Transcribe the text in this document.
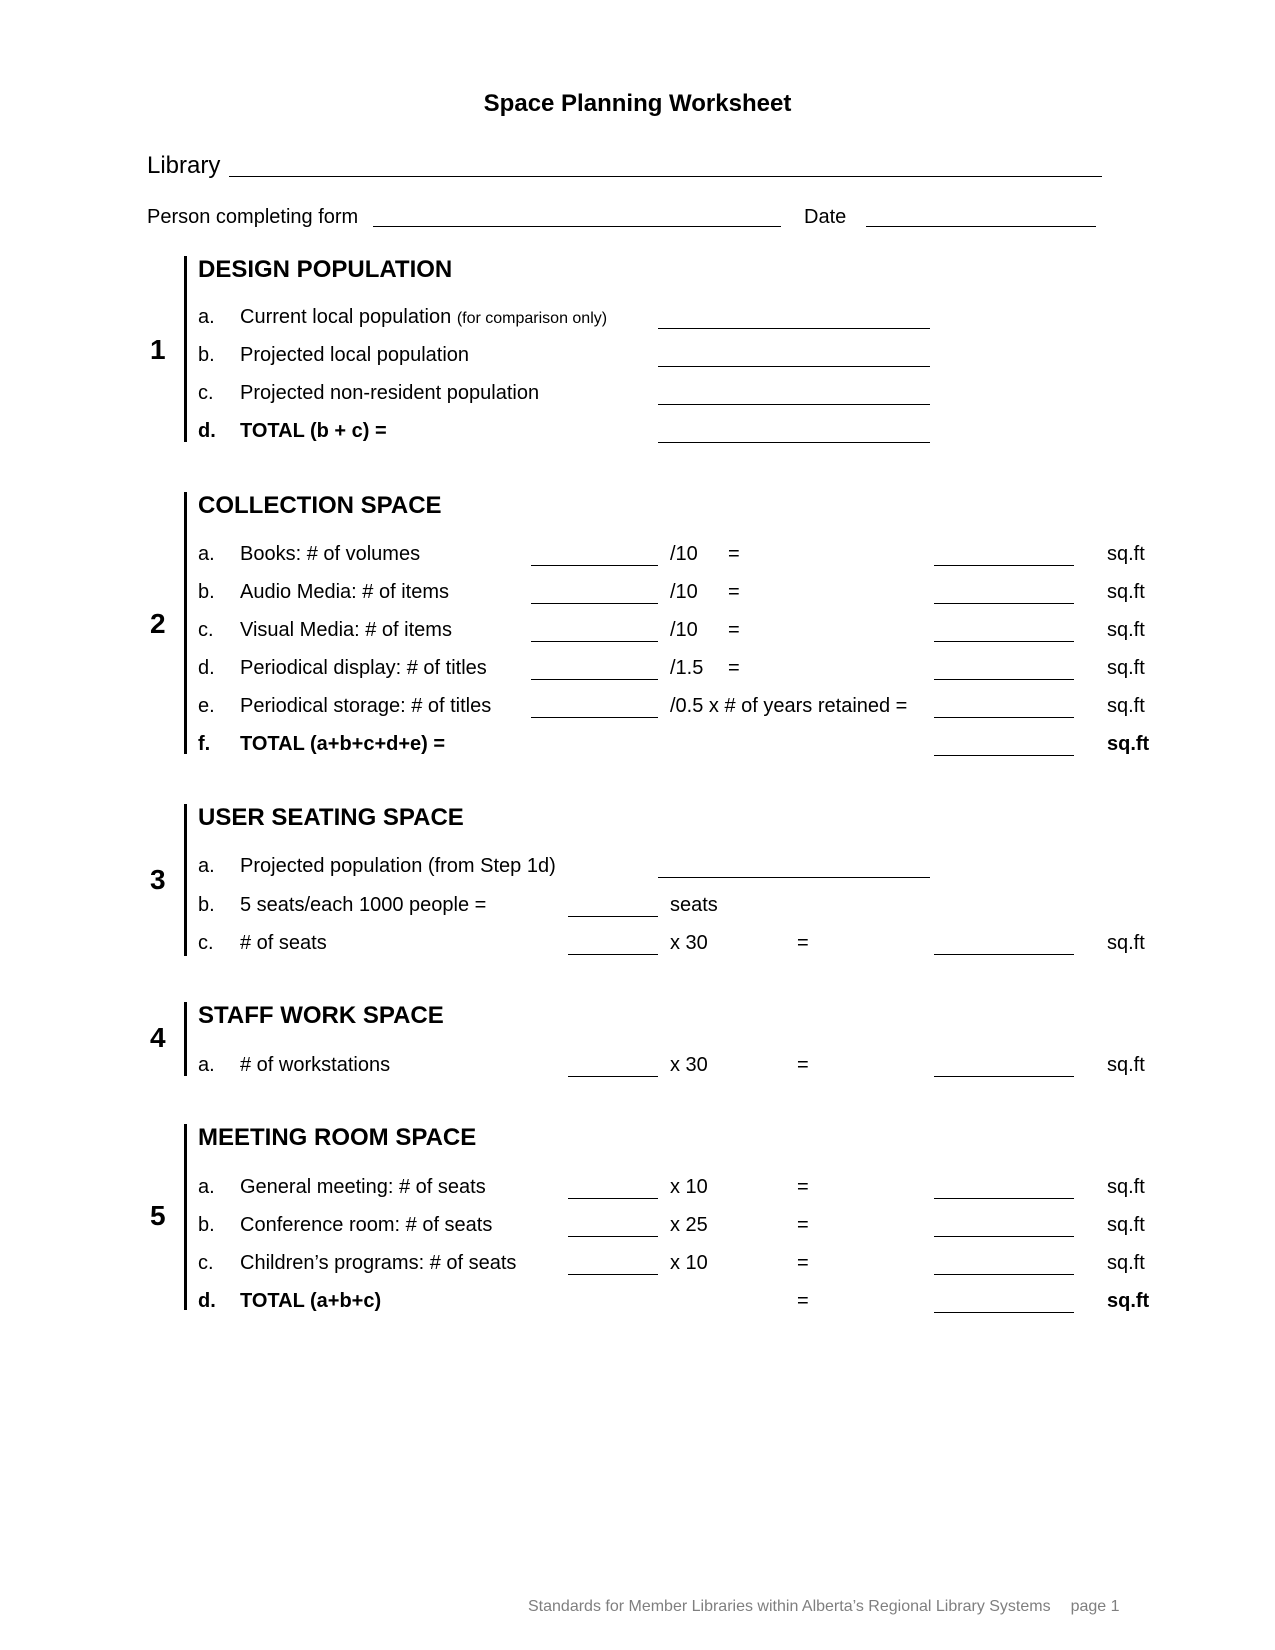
Space Planning Worksheet
Library
Person completing form	Date
1
DESIGN POPULATION
a. Current local population (for comparison only)
b. Projected local population
c. Projected non-resident population
d. TOTAL (b + c) =
2
COLLECTION SPACE
a. Books: # of volumes	/10 =	sq.ft
b. Audio Media: # of items	/10 =	sq.ft
c. Visual Media: # of items	/10 =	sq.ft
d. Periodical display: # of titles	/1.5 =	sq.ft
e. Periodical storage: # of titles	/0.5 x # of years retained =	sq.ft
f. TOTAL (a+b+c+d+e) =	sq.ft
3
USER SEATING SPACE
a. Projected population (from Step 1d)
b. 5 seats/each 1000 people =	seats
c. # of seats	x 30	=	sq.ft
4
STAFF WORK SPACE
a. # of workstations	x 30	=	sq.ft
5
MEETING ROOM SPACE
a. General meeting: # of seats	x 10	=	sq.ft
b. Conference room: # of seats	x 25	=	sq.ft
c. Children’s programs: # of seats	x 10	=	sq.ft
d. TOTAL (a+b+c)	=	sq.ft
Standards for Member Libraries within Alberta’s Regional Library Systems page 1
